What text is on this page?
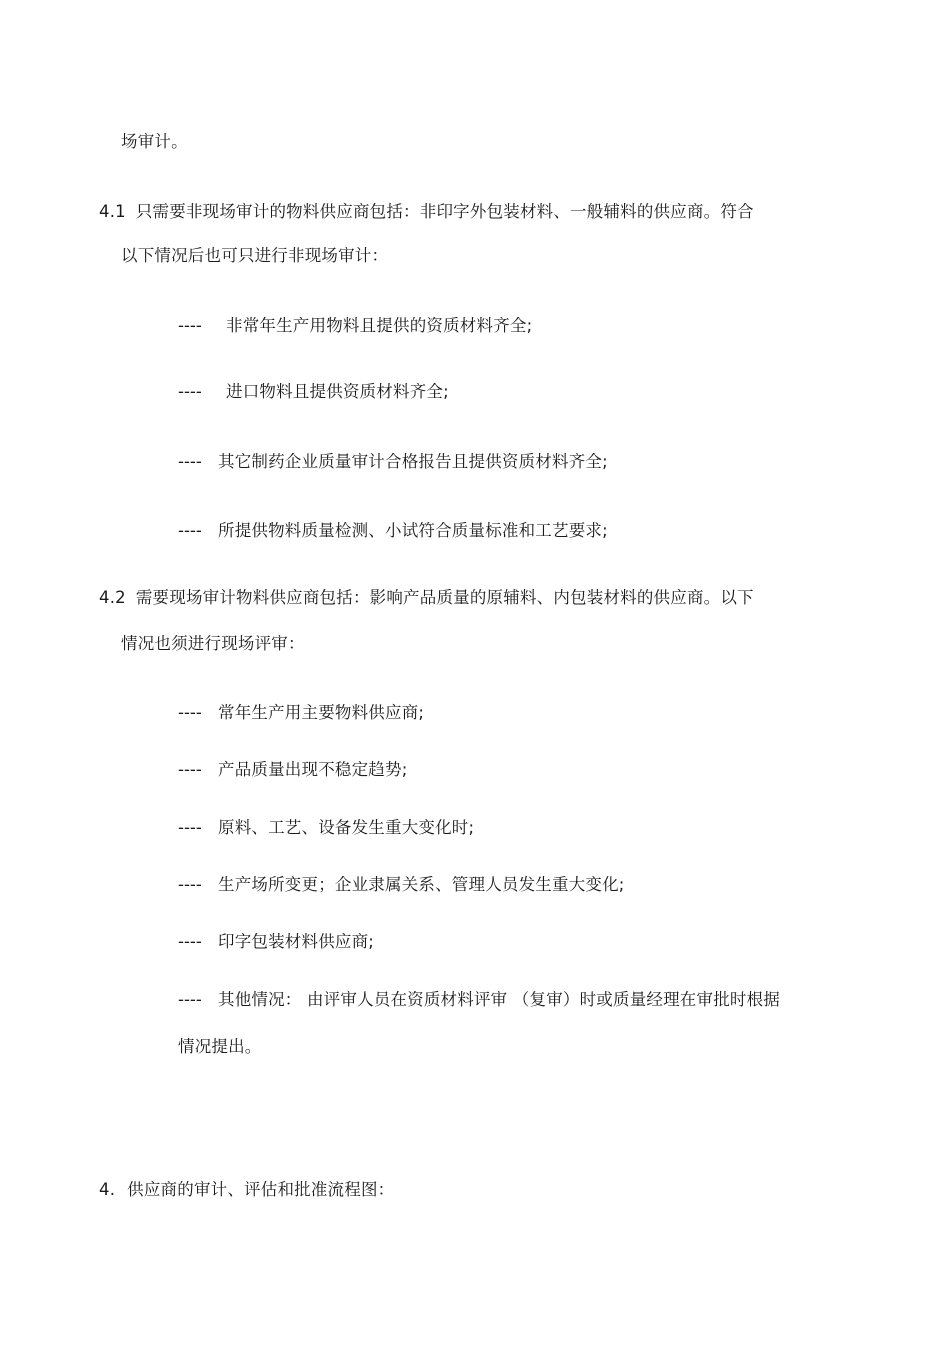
场审计。
4.1 只需要非现场审计的物料供应商包括：非印字外包装材料、一般辅料的供应商。符合
以下情况后也可只进行非现场审计：
---- 非常年生产用物料且提供的资质材料齐全;
---- 进口物料且提供资质材料齐全;
---- 其它制药企业质量审计合格报告且提供资质材料齐全;
---- 所提供物料质量检测、小试符合质量标准和工艺要求;
4.2 需要现场审计物料供应商包括：影响产品质量的原辅料、内包装材料的供应商。以下
情况也须进行现场评审：
---- 常年生产用主要物料供应商;
---- 产品质量出现不稳定趋势;
---- 原料、工艺、设备发生重大变化时;
---- 生产场所变更；企业隶属关系、管理人员发生重大变化;
---- 印字包装材料供应商;
---- 其他情况： 由评审人员在资质材料评审 （复审）时或质量经理在审批时根据
情况提出。
4. 供应商的审计、评估和批准流程图：
